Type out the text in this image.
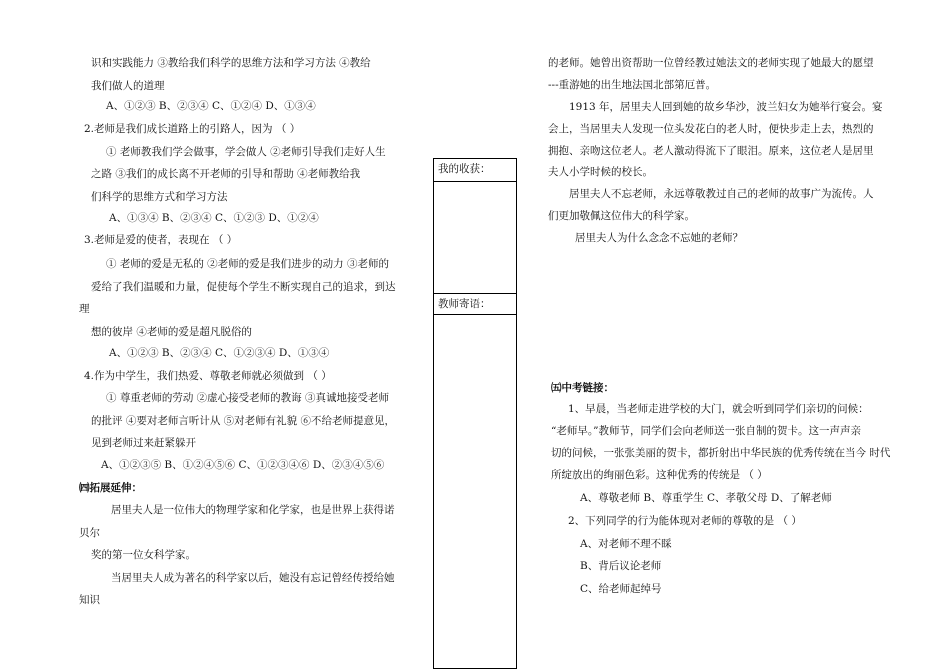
识和实践能力 ③教给我们科学的思维方法和学习方法 ④教给
我们做人的道理
A、①②③ B、②③④ C、①②④ D、①③④
2.老师是我们成长道路上的引路人，因为 （ ）
① 老师教我们学会做事，学会做人 ②老师引导我们走好人生
之路 ③我们的成长离不开老师的引导和帮助 ④老师教给我
们科学的思维方式和学习方法
A、①③④ B、②③④ C、①②③ D、①②④
3.老师是爱的使者，表现在 （ ）
① 老师的爱是无私的 ②老师的爱是我们进步的动力 ③老师的
爱给了我们温暖和力量，促使每个学生不断实现自己的追求，到达
理
想的彼岸 ④老师的爱是超凡脱俗的
A、①②③ B、②③④ C、①②③④ D、①③④
4.作为中学生，我们热爱、尊敬老师就必须做到 （ ）
① 尊重老师的劳动 ②虚心接受老师的教诲 ③真诚地接受老师
的批评 ④要对老师言听计从 ⑤对老师有礼貌 ⑥不给老师提意见，
见到老师过来赶紧躲开
A、①②③⑤ B、①②④⑤⑥ C、①②③④⑥ D、②③④⑤⑥
㈣拓展延伸：
居里夫人是一位伟大的物理学家和化学家，也是世界上获得诺
贝尔
奖的第一位女科学家。
当居里夫人成为著名的科学家以后，她没有忘记曾经传授给她
知识
我的收获：
教师寄语：
的老师。她曾出资帮助一位曾经教过她法文的老师实现了她最大的愿望
---重游她的出生地法国北部第厄普。
1913 年，居里夫人回到她的故乡华沙，波兰妇女为她举行宴会。宴
会上，当居里夫人发现一位头发花白的老人时，便快步走上去，热烈的
拥抱、亲吻这位老人。老人激动得流下了眼泪。原来，这位老人是居里
夫人小学时候的校长。
居里夫人不忘老师，永远尊敬教过自己的老师的故事广为流传。人
们更加敬佩这位伟大的科学家。
居里夫人为什么念念不忘她的老师？
㈤中考链接：
1、早晨，当老师走进学校的大门，就会听到同学们亲切的问候：
“老师早。”教师节，同学们会向老师送一张自制的贺卡。这一声声亲
切的问候，一张张美丽的贺卡，都折射出中华民族的优秀传统在当今 时代
所绽放出的绚丽色彩。这种优秀的传统是 （ ）
A、尊敬老师 B、尊重学生 C、孝敬父母 D、了解老师
2、下列同学的行为能体现对老师的尊敬的是 （ ）
A、对老师不理不睬
B、背后议论老师
C、给老师起绰号
